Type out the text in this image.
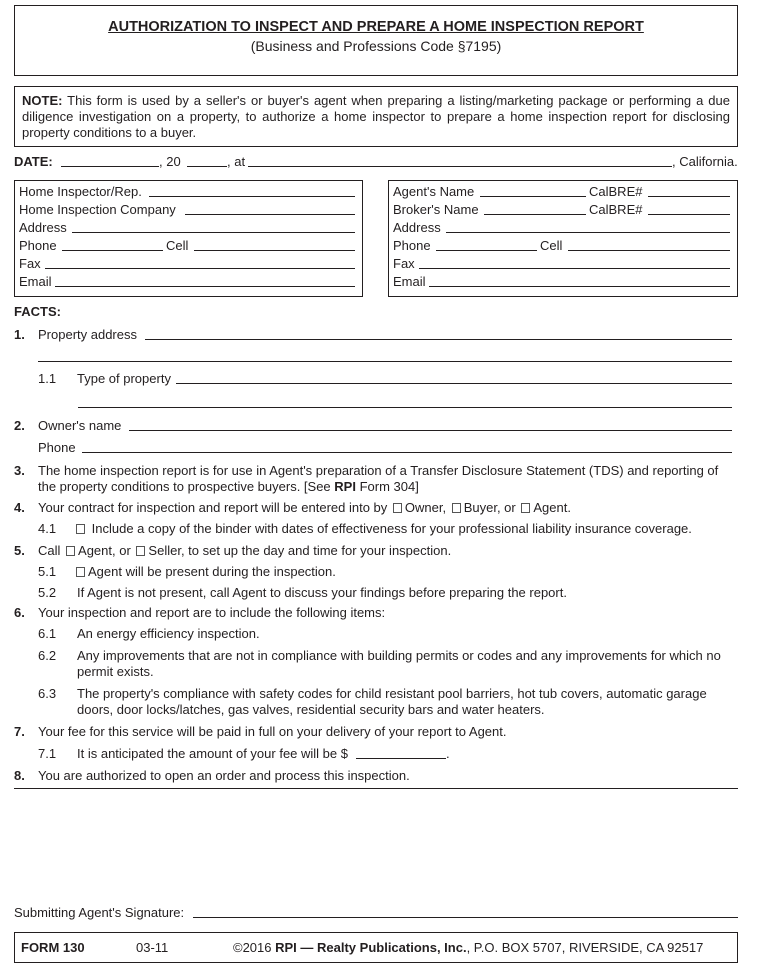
AUTHORIZATION TO INSPECT AND PREPARE A HOME INSPECTION REPORT
(Business and Professions Code §7195)
NOTE: This form is used by a seller's or buyer's agent when preparing a listing/marketing package or performing a due diligence investigation on a property, to authorize a home inspector to prepare a home inspection report for disclosing property conditions to a buyer.
DATE:	, 20	, at	, California.
Home Inspector/Rep.
Home Inspection Company
Address
Phone	Cell
Fax
Email
Agent's Name	CalBRE#
Broker's Name	CalBRE#
Address
Phone	Cell
Fax
Email
FACTS:
1. Property address
1.1 Type of property
2. Owner's name
Phone
3. The home inspection report is for use in Agent's preparation of a Transfer Disclosure Statement (TDS) and reporting of
the property conditions to prospective buyers. [See RPI Form 304]
4. Your contract for inspection and report will be entered into by Owner, Buyer, or Agent.
4.1	Include a copy of the binder with dates of effectiveness for your professional liability insurance coverage.
5. Call Agent, or Seller, to set up the day and time for your inspection.
5.1	Agent will be present during the inspection.
5.2 If Agent is not present, call Agent to discuss your findings before preparing the report.
6. Your inspection and report are to include the following items:
6.1 An energy efficiency inspection.
6.2 Any improvements that are not in compliance with building permits or codes and any improvements for which no
permit exists.
6.3 The property's compliance with safety codes for child resistant pool barriers, hot tub covers, automatic garage
doors, door locks/latches, gas valves, residential security bars and water heaters.
7. Your fee for this service will be paid in full on your delivery of your report to Agent.
7.1 It is anticipated the amount of your fee will be $	.
8. You are authorized to open an order and process this inspection.
Submitting Agent's Signature:
FORM 130	03-11	©2016 RPI — Realty Publications, Inc., P.O. BOX 5707, RIVERSIDE, CA 92517
